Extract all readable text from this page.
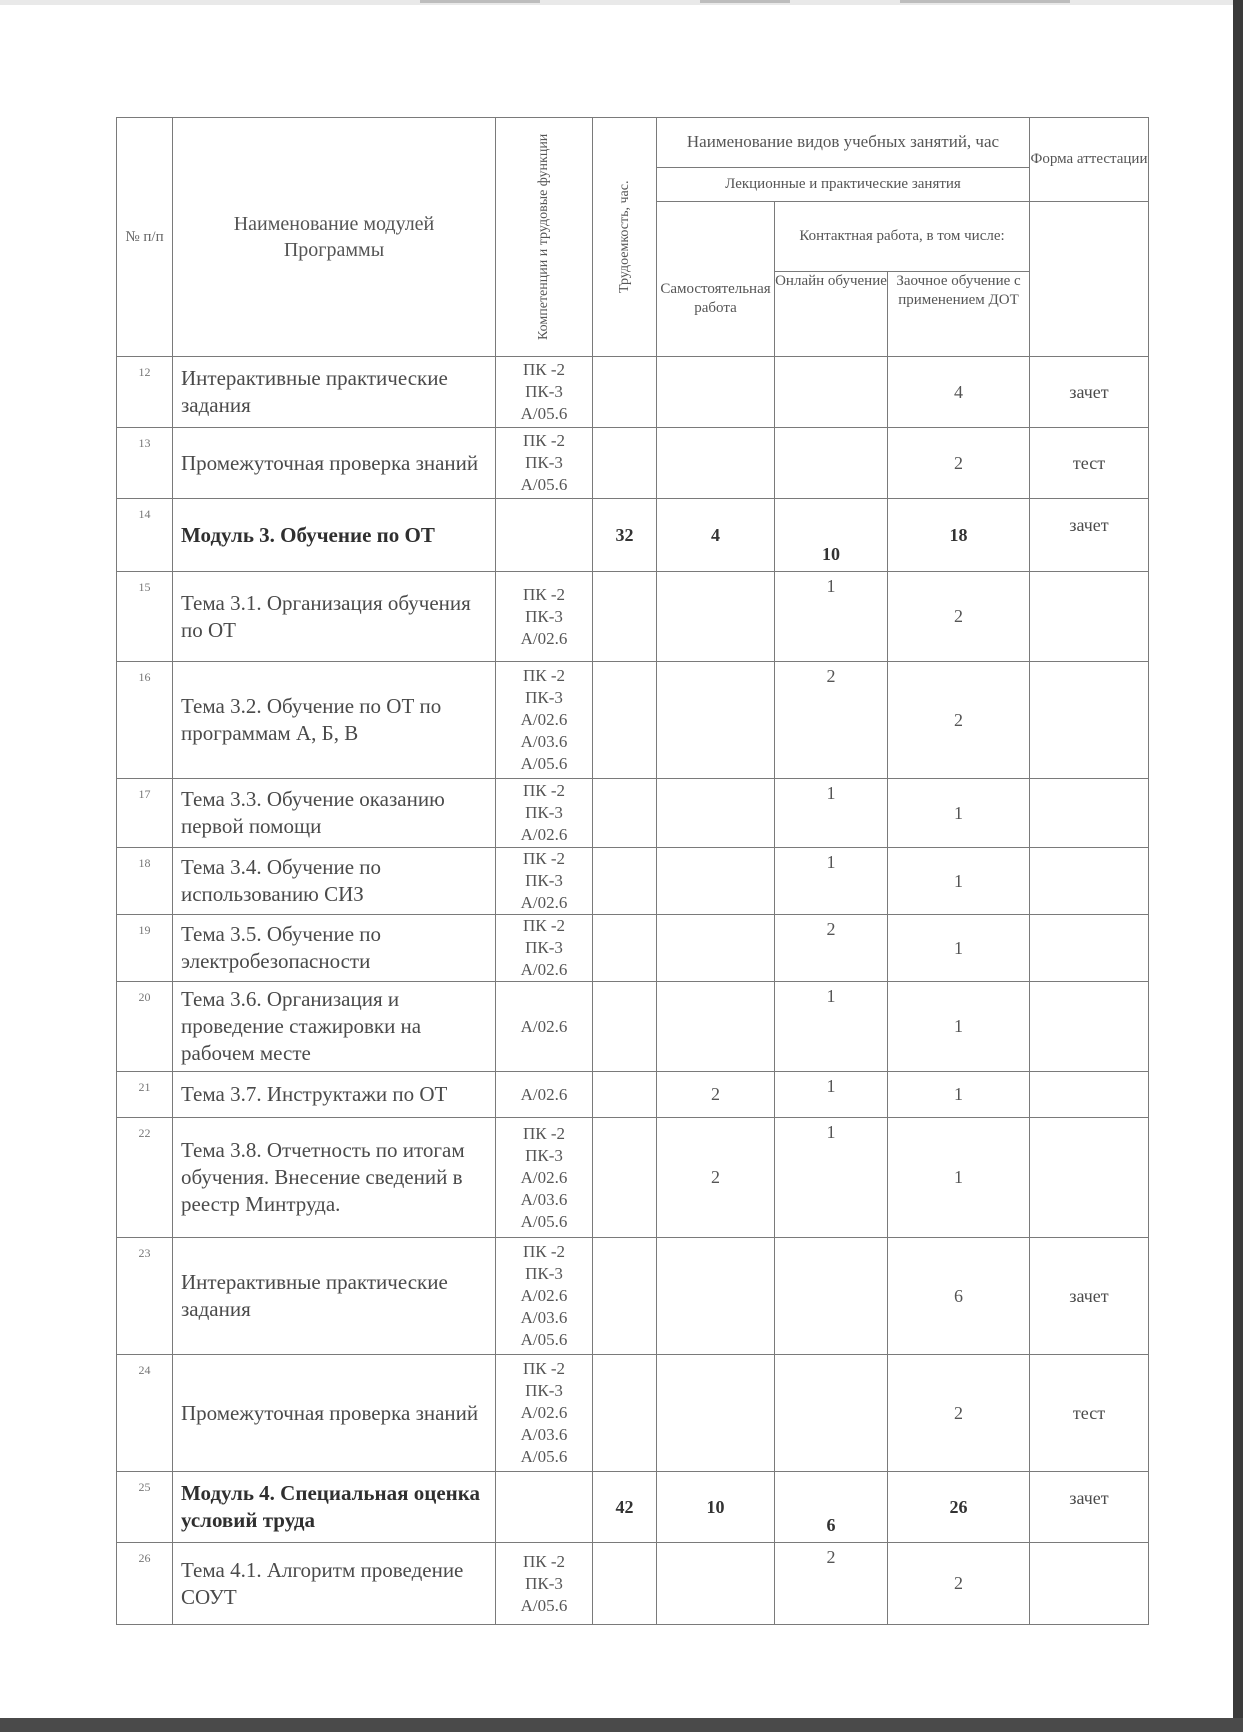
№ п/п	Наименование модулей
Программы	Компетенции и трудовые функции	Трудоемкость, час.	Наименование видов учебных занятий, час			Форма аттестации
				Лекционные и практические занятия			
				Самостоятельная работа	Контактная работа, в том числе:		
					Онлайн обучение	Заочное обучение с применением ДОТ	
12	Интерактивные практические задания	ПК -2
ПК-3
А/05.6				4	зачет
13	Промежуточная проверка знаний	ПК -2
ПК-3
А/05.6				2	тест
14	Модуль 3. Обучение по ОТ		32	4	10	18	зачет
15	Тема 3.1. Организация обучения по ОТ	ПК -2
ПК-3
А/02.6			1	2	
16	Тема 3.2. Обучение по ОТ по программам А, Б, В	ПК -2
ПК-3
А/02.6
А/03.6
А/05.6			2	2	
17	Тема 3.3. Обучение оказанию первой помощи	ПК -2
ПК-3
А/02.6			1	1	
18	Тема 3.4. Обучение по использованию СИЗ	ПК -2
ПК-3
А/02.6			1	1	
19	Тема 3.5. Обучение по электробезопасности	ПК -2
ПК-3
А/02.6			2	1	
20	Тема 3.6. Организация и проведение стажировки на рабочем месте	А/02.6			1	1	
21	Тема 3.7. Инструктажи по ОТ	А/02.6		2	1	1	
22	Тема 3.8. Отчетность по итогам обучения. Внесение сведений в реестр Минтруда.	ПК -2
ПК-3
А/02.6
А/03.6
А/05.6		2	1	1	
23	Интерактивные практические задания	ПК -2
ПК-3
А/02.6
А/03.6
А/05.6				6	зачет
24	Промежуточная проверка знаний	ПК -2
ПК-3
А/02.6
А/03.6
А/05.6				2	тест
25	Модуль 4. Специальная оценка условий труда		42	10	6	26	зачет
26	Тема 4.1. Алгоритм проведение СОУТ	ПК -2
ПК-3
А/05.6			2	2	
